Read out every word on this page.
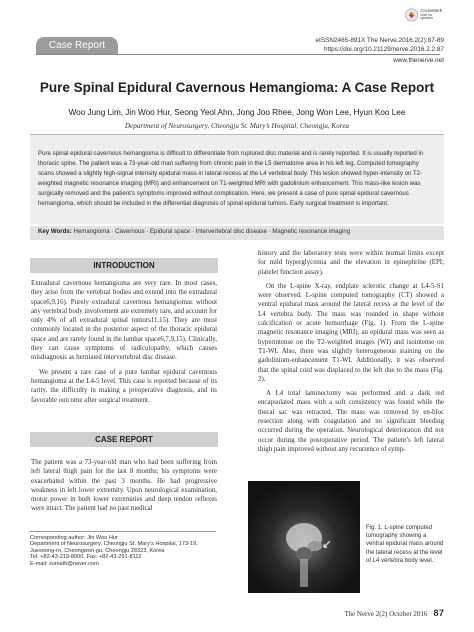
Case Report
CrossMark
click for updates
eISSN2465-891X The Nerve.2016.2(2):87-89
https://doi.org/10.21129/nerve.2016.2.2.87
www.thenerve.net
Pure Spinal Epidural Cavernous Hemangioma: A Case Report
Woo Jung Lim, Jin Woo Hur, Seong Yeol Ahn, Jong Joo Rhee, Jong Won Lee, Hyun Koo Lee
Department of Neurosurgery, Cheongju St. Mary’s Hospital, Cheongju, Korea
Pure spinal epidural cavernous hemangioma is difficult to differentiate from ruptured disc material and is rarely reported. It is usually reported in thoracic spine. The patient was a 73-year-old man suffering from chronic pain in the L5 dermatome area in his left leg. Computed tomography scans showed a slightly high-signal intensity epidural mass in lateral recess at the L4 vertebral body. This lesion showed hyper-intensity on T2-weighted magnetic resonance imaging (MRI) and enhancement on T1-weighted MRI with gadolinium enhancement. This mass-like lesion was surgically removed and the patient’s symptoms improved without complication. Here, we present a case of pure spinal epidural cavernous hemangioma, which should be included in the differential diagnosis of spinal epidural tumors. Early surgical treatment is important.
Key Words: Hemangioma · Cavernous · Epidural space · Intervertebral disc disease · Magnetic resonance imaging
INTRODUCTION

Extradural cavernous hemangioma are very rare. In most cases, they arise from the vertebral bodies and extend into the extradural space6,9,16). Purely extradural cavernous hemangiomas without any vertebral body involvement are extremely rare, and account for only 4% of all extradural spinal tumors11,15). They are most commonly located in the posterior aspect of the thoracic epidural space and are rarely found in the lumbar space6,7,9,15). Clinically, they can cause symptoms of radiculopathy, which causes misdiagnosis as herniated intervertebral disc disease.

We present a rare case of a pure lumbar epidural cavernous hemangioma at the L4-5 level. This case is reported because of its rarity, the difficulty in making a preoperative diagnosis, and its favorable outcome after surgical treatment.

CASE REPORT

The patient was a 73-year-old man who had been suffering from left lateral thigh pain for the last 8 months; his symptoms were exacerbated within the past 3 months. He had progressive weakness in left lower extremity. Upon neurological examination, motor power in both lower extremities and deep tendon reflexes were intact. The patient had no past medical

Corresponding author: Jin Woo Hur
Department of Neurosurgery, Cheongju St. Mary’s Hospital, 173-19, Jueseong-ro, Cheongwon-gu, Cheongju 28323, Korea
Tel: +82-43-219-8000, Fax: +82-43-291-8112
E-mail: somath@naver.com

history and the laboratory tests were within normal limits except for mild hyperglycemia and the elevation in epinephrine (EPI; platelet function assay).

On the L-spine X-ray, endplate sclerotic change at L4-5-S1 were observed. L-spine computed tomography (CT) showed a ventral epidural mass around the lateral recess at the level of the L4 vertebra body. The mass was rounded in shape without calcification or acute hemorrhage (Fig. 1). From the L-spine magnetic resonance imaging (MRI), an epidural mass was seen as hyperintense on the T2-weighted images (WI) and isointense on T1-WI. Also, there was slightly heterogeneous staining on the gadolinium-enhancement T1-WI. Additionally, it was observed that the spinal cord was displaced to the left due to the mass (Fig. 2).

A L4 total laminectomy was performed and a dark red encapsulated mass with a soft consistency was found while the thecal sac was retracted. The mass was removed by en-bloc resection along with coagulation and no significant bleeding occurred during the operation. Neurological deterioration did not occur during the postoperative period. The patient’s left lateral thigh pain improved without any recurrence of symp-

↙
Fig. 1. L-spine computed tomography showing a ventral epidural mass around the lateral recess at the level of L4 vertebra body level.
The Nerve 2(2) October 2016 87
